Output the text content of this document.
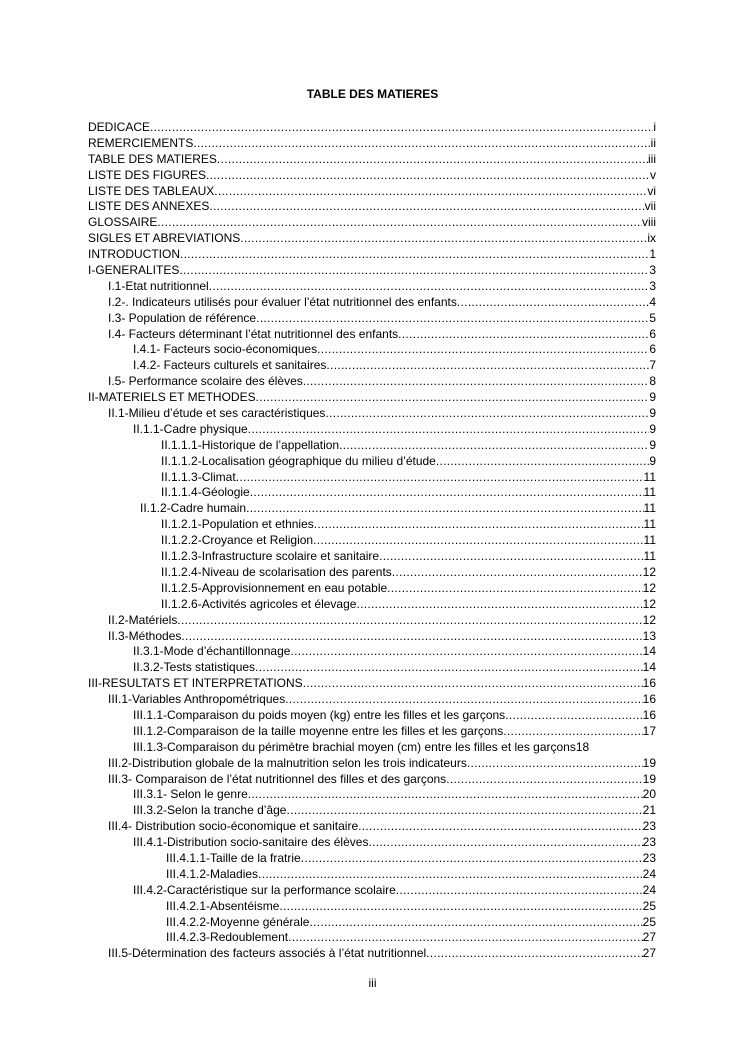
TABLE DES MATIERES
DEDICACE .....	i
REMERCIEMENTS .....	ii
TABLE DES MATIERES .....	iii
LISTE DES FIGURES .....	v
LISTE DES TABLEAUX .....	vi
LISTE DES ANNEXES .....	vii
GLOSSAIRE .....	viii
SIGLES ET ABREVIATIONS .....	ix
INTRODUCTION .....	1
I-GENERALITES .....	3
I.1-Etat nutritionnel .....	3
I.2-. Indicateurs utilisés pour évaluer l’état nutritionnel des enfants .....	4
I.3- Population de référence .....	5
I.4- Facteurs déterminant l’état nutritionnel des enfants .....	6
I.4.1- Facteurs socio-économiques .....	6
I.4.2- Facteurs culturels et sanitaires .....	7
I.5- Performance scolaire des élèves .....	8
II-MATERIELS ET METHODES .....	9
II.1-Milieu d’étude et ses caractéristiques .....	9
II.1.1-Cadre physique .....	9
II.1.1.1-Historique de l’appellation .....	9
II.1.1.2-Localisation géographique du milieu d’étude .....	9
II.1.1.3-Climat .....	11
II.1.1.4-Géologie .....	11
II.1.2-Cadre humain .....	11
II.1.2.1-Population et ethnies .....	11
II.1.2.2-Croyance et Religion .....	11
II.1.2.3-Infrastructure scolaire et sanitaire .....	11
II.1.2.4-Niveau de scolarisation des parents .....	12
II.1.2.5-Approvisionnement en eau potable .....	12
II.1.2.6-Activités agricoles et élevage .....	12
II.2-Matériels .....	12
II.3-Méthodes .....	13
II.3.1-Mode d’échantillonnage .....	14
II.3.2-Tests statistiques .....	14
III-RESULTATS ET INTERPRETATIONS .....	16
III.1-Variables Anthropométriques .....	16
III.1.1-Comparaison du poids moyen (kg) entre les filles et les garçons .....	16
III.1.2-Comparaison de la taille moyenne entre les filles et les garçons .....	17
III.1.3-Comparaison du périmètre brachial moyen (cm) entre les filles et les garçons 18
III.2-Distribution globale de la malnutrition selon les trois indicateurs .....	19
III.3- Comparaison de l’état nutritionnel des filles et des garçons .....	19
III.3.1- Selon le genre .....	20
III.3.2-Selon la tranche d’âge .....	21
III.4- Distribution socio-économique et sanitaire .....	23
III.4.1-Distribution socio-sanitaire des élèves .....	23
III.4.1.1-Taille de la fratrie .....	23
III.4.1.2-Maladies .....	24
III.4.2-Caractéristique sur la performance scolaire .....	24
III.4.2.1-Absentéisme .....	25
III.4.2.2-Moyenne générale .....	25
III.4.2.3-Redoublement .....	27
III.5-Détermination des facteurs associés à l’état nutritionnel .....	27
iii
